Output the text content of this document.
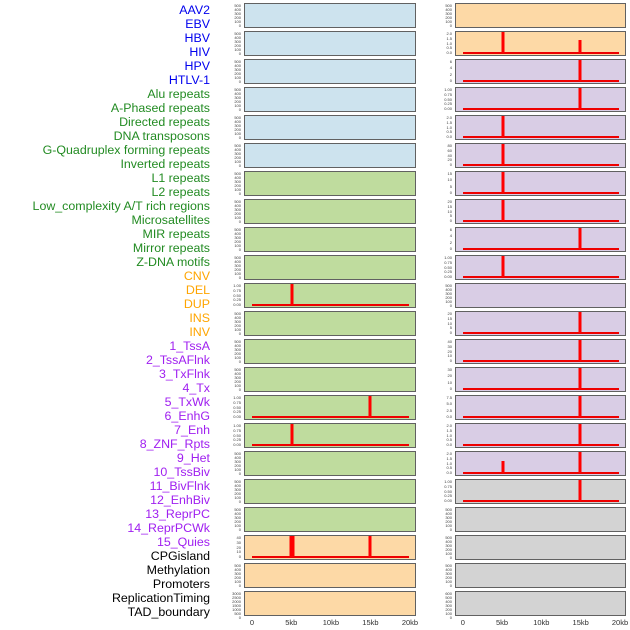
AAV2
EBV
HBV
HIV
HPV
HTLV-1
Alu repeats
A-Phased repeats
Directed repeats
DNA transposons
G-Quadruplex forming repeats
Inverted repeats
L1 repeats
L2 repeats
Low_complexity A/T rich regions
Microsatellites
MIR repeats
Mirror repeats
Z-DNA motifs
CNV
DEL
DUP
INS
INV
1_TssA
2_TssAFlnk
3_TxFlnk
4_Tx
5_TxWk
6_EnhG
7_Enh
8_ZNF_Rpts
9_Het
10_TssBiv
11_BivFlnk
12_EnhBiv
13_ReprPC
14_ReprPCWk
15_Quies
CPGisland
Methylation
Promoters
ReplicationTiming
TAD_boundary
500
400
300
200
100
0
500
400
300
200
100
0
500
400
300
200
100
0
500
400
300
200
100
0
500
400
300
200
100
0
500
400
300
200
100
0
500
400
300
200
100
0
500
400
300
200
100
0
500
400
300
200
100
0
500
400
300
200
100
0
1.00
0.75
0.50
0.25
0.00
500
400
300
200
100
0
500
400
300
200
100
0
500
400
300
200
100
0
1.00
0.75
0.50
0.25
0.00
1.00
0.75
0.50
0.25
0.00
500
400
300
200
100
0
500
400
300
200
100
0
500
400
300
200
100
0
40
30
20
10
0
500
400
300
200
100
0
3000
2500
2000
1500
1000
500
0
500
400
300
200
100
0
2.0
1.5
1.0
0.5
0.0
6
4
2
0
1.00
0.75
0.50
0.25
0.00
2.0
1.5
1.0
0.5
0.0
80
60
40
20
0
15
10
5
0
20
15
10
5
0
6
4
2
0
1.00
0.75
0.50
0.25
0.00
500
400
300
200
100
0
20
15
10
5
0
40
30
20
10
0
30
20
10
0
7.5
5.0
2.5
0.0
2.0
1.5
1.0
0.5
0.0
2.0
1.5
1.0
0.5
0.0
1.00
0.75
0.50
0.25
0.00
500
400
300
200
100
0
500
400
300
200
100
0
500
400
300
200
100
0
600
500
400
300
200
100
0
0	5kb	10kb	15kb	20kb	0	5kb	10kb	15kb	20kb
